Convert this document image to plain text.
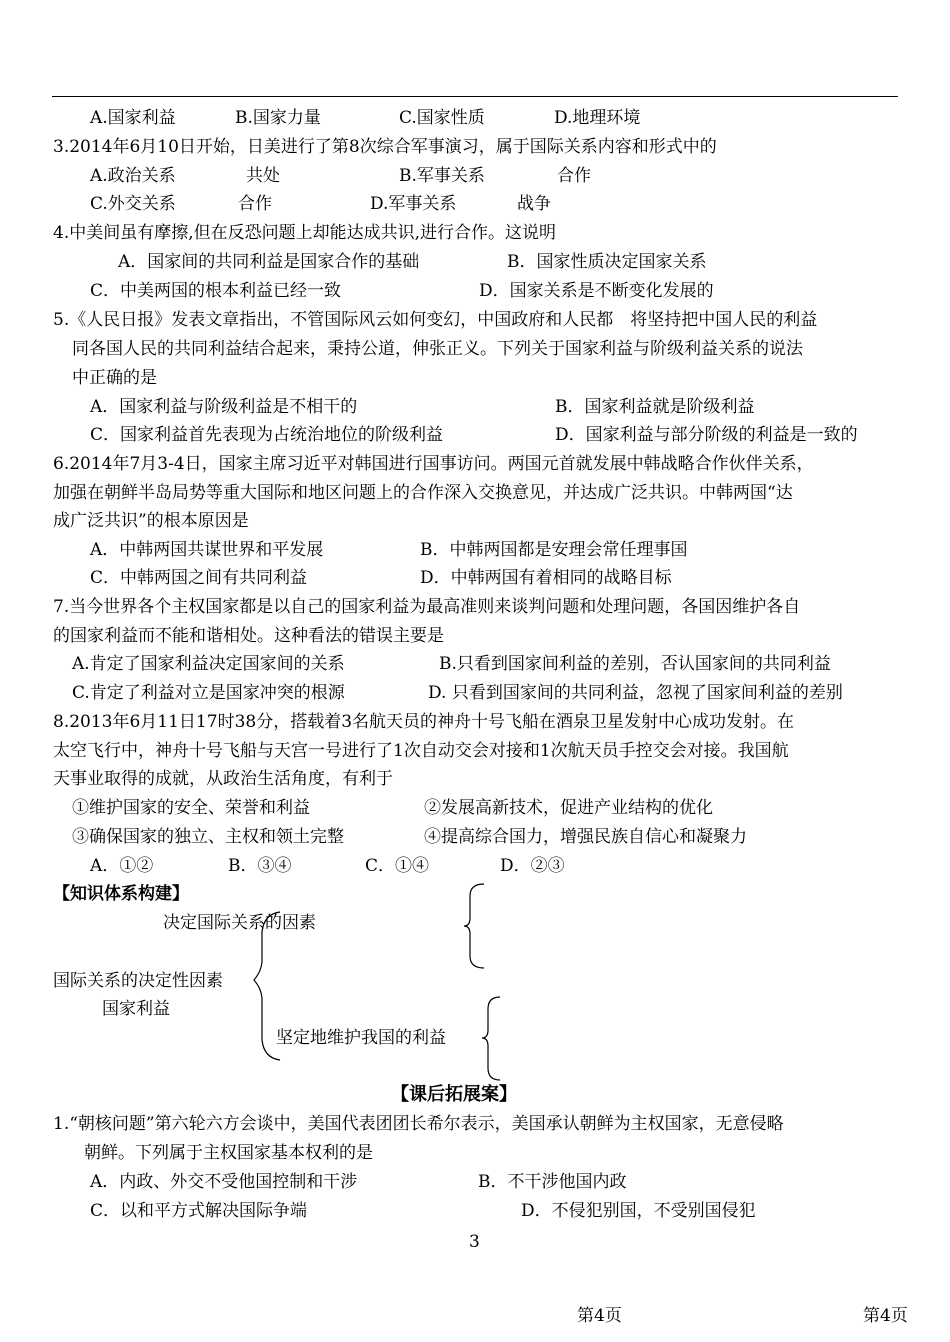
A.国家利益	B.国家力量	C.国家性质	D.地理环境
3.2014年6月10日开始，日美进行了第8次综合军事演习，属于国际关系内容和形式中的
A.政治关系	共处	B.军事关系	合作
C.外交关系	合作	D.军事关系	战争
4.中美间虽有摩擦,但在反恐问题上却能达成共识,进行合作。这说明
A．国家间的共同利益是国家合作的基础	B．国家性质决定国家关系
C．中美两国的根本利益已经一致	D．国家关系是不断变化发展的
5.《人民日报》发表文章指出，不管国际风云如何变幻，中国政府和人民都　将坚持把中国人民的利益
同各国人民的共同利益结合起来，秉持公道，伸张正义。下列关于国家利益与阶级利益关系的说法
中正确的是
A．国家利益与阶级利益是不相干的	B．国家利益就是阶级利益
C．国家利益首先表现为占统治地位的阶级利益	D．国家利益与部分阶级的利益是一致的
6.2014年7月3-4日，国家主席习近平对韩国进行国事访问。两国元首就发展中韩战略合作伙伴关系，
加强在朝鲜半岛局势等重大国际和地区问题上的合作深入交换意见，并达成广泛共识。中韩两国“达
成广泛共识”的根本原因是
A．中韩两国共谋世界和平发展	B．中韩两国都是安理会常任理事国
C．中韩两国之间有共同利益	D．中韩两国有着相同的战略目标
7.当今世界各个主权国家都是以自己的国家利益为最高准则来谈判问题和处理问题，各国因维护各自
的国家利益而不能和谐相处。这种看法的错误主要是
A.肯定了国家利益决定国家间的关系	B.只看到国家间利益的差别，否认国家间的共同利益
C.肯定了利益对立是国家冲突的根源	D. 只看到国家间的共同利益，忽视了国家间利益的差别
8.2013年6月11日17时38分，搭载着3名航天员的神舟十号飞船在酒泉卫星发射中心成功发射。在
太空飞行中，神舟十号飞船与天宫一号进行了1次自动交会对接和1次航天员手控交会对接。我国航
天事业取得的成就，从政治生活角度，有利于
①维护国家的安全、荣誉和利益	②发展高新技术，促进产业结构的优化
③确保国家的独立、主权和领土完整	④提高综合国力，增强民族自信心和凝聚力
A．①②	B．③④	C．①④	D．②③
【知识体系构建】
决定国际关系的因素
国际关系的决定性因素
国家利益
坚定地维护我国的利益
【课后拓展案】
1.“朝核问题”第六轮六方会谈中，美国代表团团长希尔表示，美国承认朝鲜为主权国家，无意侵略
朝鲜。下列属于主权国家基本权利的是
A．内政、外交不受他国控制和干涉	B．不干涉他国内政
C．以和平方式解决国际争端	D．不侵犯别国，不受别国侵犯
3
第4页	第4页
